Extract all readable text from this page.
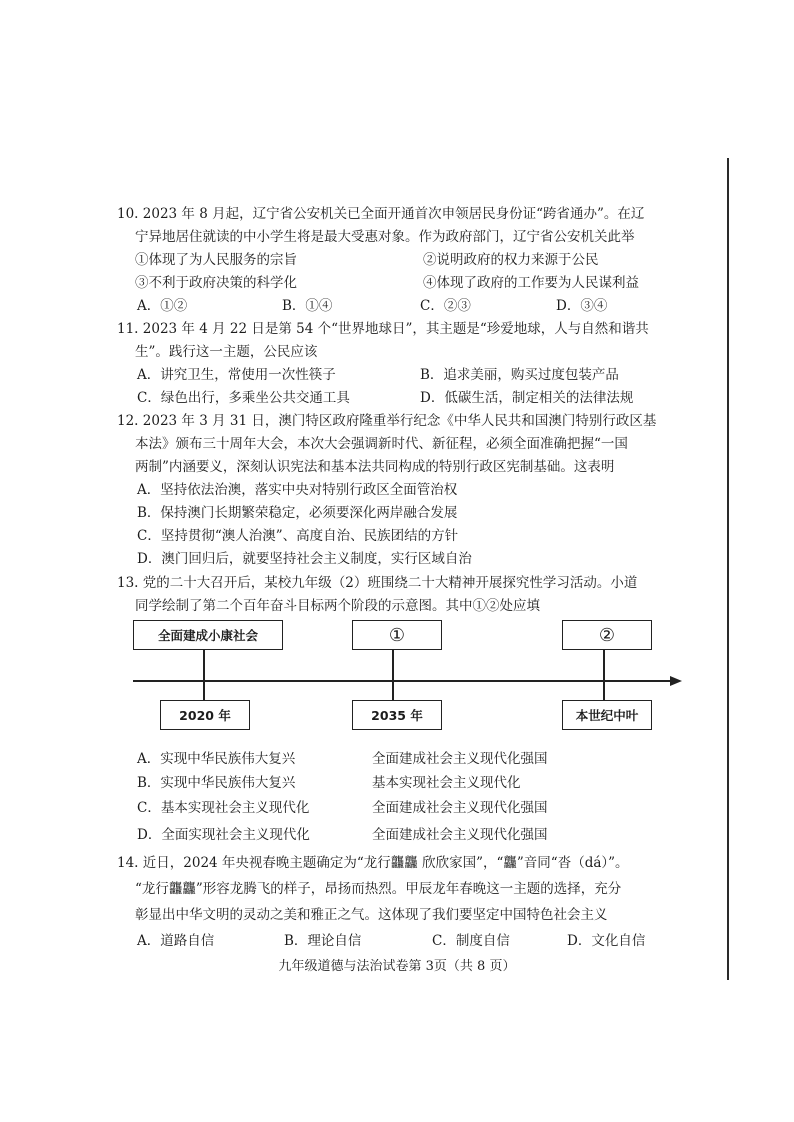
10. 2023 年 8 月起，辽宁省公安机关已全面开通首次申领居民身份证“跨省通办”。在辽
宁异地居住就读的中小学生将是最大受惠对象。作为政府部门，辽宁省公安机关此举
①体现了为人民服务的宗旨	②说明政府的权力来源于公民
③不利于政府决策的科学化	④体现了政府的工作要为人民谋利益
A．①②	B．①④	C．②③	D．③④
11. 2023 年 4 月 22 日是第 54 个“世界地球日”，其主题是“珍爱地球，人与自然和谐共
生”。践行这一主题，公民应该
A．讲究卫生，常使用一次性筷子	B．追求美丽，购买过度包装产品
C．绿色出行，多乘坐公共交通工具	D．低碳生活，制定相关的法律法规
12. 2023 年 3 月 31 日，澳门特区政府隆重举行纪念《中华人民共和国澳门特别行政区基
本法》颁布三十周年大会，本次大会强调新时代、新征程，必须全面准确把握“一国
两制”内涵要义，深刻认识宪法和基本法共同构成的特别行政区宪制基础。这表明
A．坚持依法治澳，落实中央对特别行政区全面管治权
B．保持澳门长期繁荣稳定，必须要深化两岸融合发展
C．坚持贯彻“澳人治澳”、高度自治、民族团结的方针
D．澳门回归后，就要坚持社会主义制度，实行区域自治
13. 党的二十大召开后，某校九年级（2）班围绕二十大精神开展探究性学习活动。小道
同学绘制了第二个百年奋斗目标两个阶段的示意图。其中①②处应填
全面建成小康社会	①	②
2020 年	2035 年	本世纪中叶
A．实现中华民族伟大复兴	全面建成社会主义现代化强国
B．实现中华民族伟大复兴	基本实现社会主义现代化
C．基本实现社会主义现代化	全面建成社会主义现代化强国
D．全面实现社会主义现代化	全面建成社会主义现代化强国
14. 近日，2024 年央视春晚主题确定为“龙行龘龘 欣欣家国”，“龘”音同“沓（dá）”。
“龙行龘龘”形容龙腾飞的样子，昂扬而热烈。甲辰龙年春晚这一主题的选择，充分
彰显出中华文明的灵动之美和雅正之气。这体现了我们要坚定中国特色社会主义
A．道路自信	B．理论自信	C．制度自信	D．文化自信
九年级道德与法治试卷第 3页（共 8 页）
